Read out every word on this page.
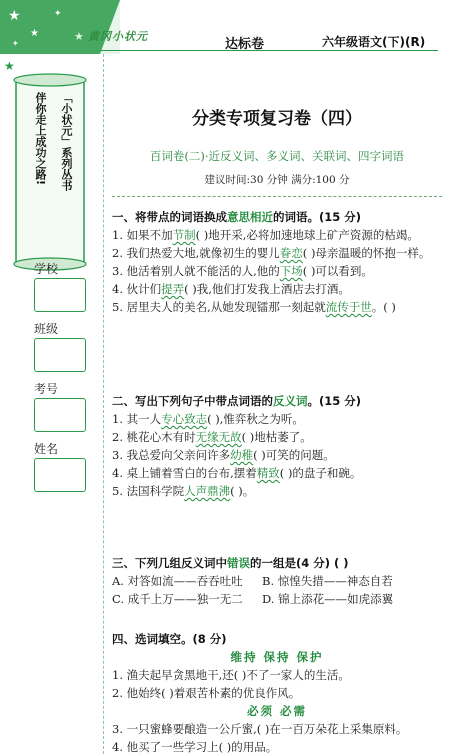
★
★
✦
✦
★
★
黄冈小状元
达标卷	六年级语文(下)(R)
伴你走上成功之路!	「小状元」系列丛书
学校
班级
考号
姓名
分类专项复习卷（四）
百词卷(二)·近反义词、多义词、关联词、四字词语
建议时间:30 分钟 满分:100 分
一、将带点的词语换成意思相近的词语。(15 分)
1. 如果不加节制( )地开采,必将加速地球上矿产资源的枯竭。
2. 我们热爱大地,就像初生的婴儿眷恋( )母亲温暖的怀抱一样。
3. 他活着别人就不能活的人,他的下场( )可以看到。
4. 伙计们提弄( )我,他们打发我上酒店去打酒。
5. 居里夫人的美名,从她发现镭那一刻起就流传于世。( )
二、写出下列句子中带点词语的反义词。(15 分)
1. 其一人专心致志( ),惟弈秋之为听。
2. 桃花心木有时无缘无故( )地枯萎了。
3. 我总爱向父亲问许多幼稚( )可笑的问题。
4. 桌上铺着雪白的台布,摆着精致( )的盘子和碗。
5. 法国科学院人声鼎沸( )。
三、下列几组反义词中错误的一组是(4 分) ( )
A. 对答如流——吞吞吐吐	B. 惊惶失措——神态自若
C. 成千上万——独一无二	D. 锦上添花——如虎添翼
四、选词填空。(8 分)
维持 保持 保护
1. 渔夫起早贪黑地干,还( )不了一家人的生活。
2. 他始终( )着艰苦朴素的优良作风。
必须 必需
3. 一只蜜蜂要酿造一公斤蜜,( )在一百万朵花上采集原料。
4. 他买了一些学习上( )的用品。
